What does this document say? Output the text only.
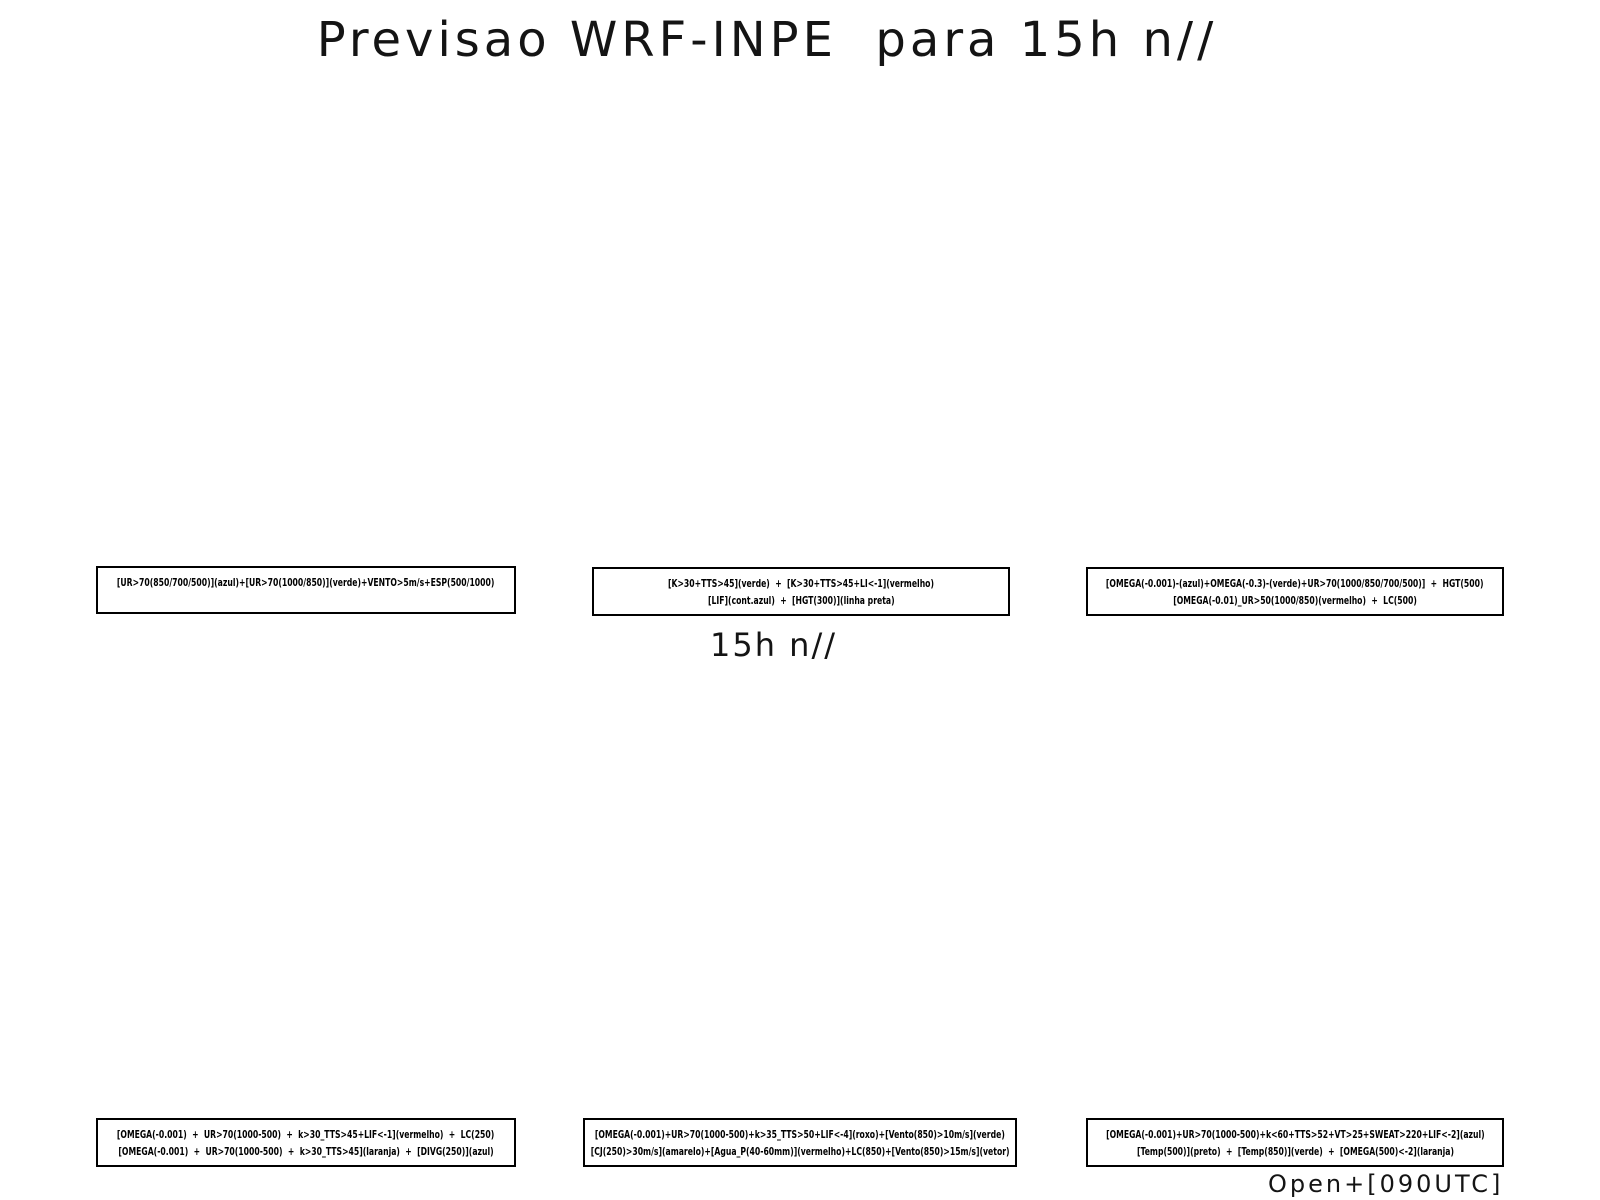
Previsao WRF-INPE  para 15h n//
[UR>70(850/700/500)](azul)+[UR>70(1000/850)](verde)+VENTO>5m/s+ESP(500/1000)	[K>30+TTS>45](verde)  +  [K>30+TTS>45+LI<-1](vermelho)
[LIF](cont.azul)  +  [HGT(300)](linha preta)
[OMEGA(-0.001)-(azul)+OMEGA(-0.3)-(verde)+UR>70(1000/850/700/500)]  +  HGT(500)
[OMEGA(-0.01)_UR>50(1000/850)(vermelho)  +  LC(500)
15h n//
[OMEGA(-0.001)  +  UR>70(1000-500)  +  k>30_TTS>45+LIF<-1](vermelho)  +  LC(250)
[OMEGA(-0.001)  +  UR>70(1000-500)  +  k>30_TTS>45](laranja)  +  [DIVG(250)](azul)
[OMEGA(-0.001)+UR>70(1000-500)+k>35_TTS>50+LIF<-4](roxo)+[Vento(850)>10m/s](verde)
[CJ(250)>30m/s](amarelo)+[Agua_P(40-60mm)](vermelho)+LC(850)+[Vento(850)>15m/s](vetor)
[OMEGA(-0.001)+UR>70(1000-500)+k<60+TTS>52+VT>25+SWEAT>220+LIF<-2](azul)
[Temp(500)](preto)  +  [Temp(850)](verde)  +  [OMEGA(500)<-2](laranja)
Open+[090UTC]
